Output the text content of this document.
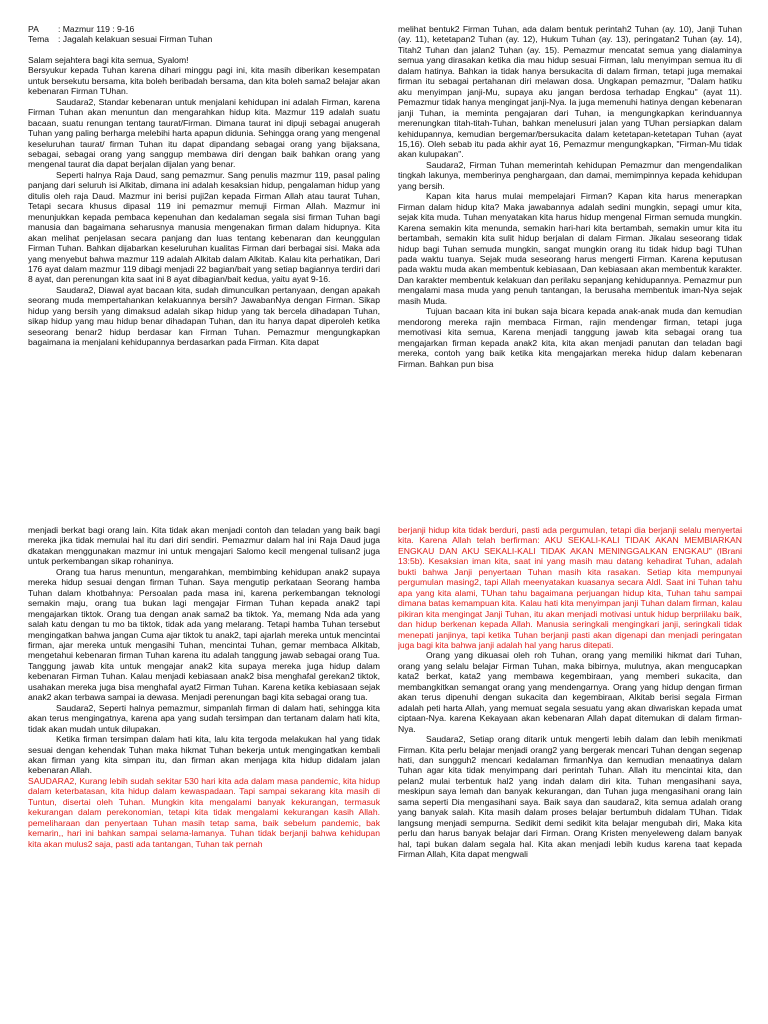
PA	: Mazmur 119 : 9-16
Tema	: Jagalah kelakuan sesuai Firman Tuhan

Salam sejahtera bagi kita semua, Syalom!

Bersyukur kepada Tuhan karena dihari minggu pagi ini, kita masih diberikan kesempatan untuk bersekutu bersama, kita boleh beribadah bersama, dan kita boleh sama2 belajar akan kebenaran Firman TUhan.

Saudara2, Standar kebenaran untuk menjalani kehidupan ini adalah Firman, karena Firman Tuhan akan menuntun dan mengarahkan hidup kita. Mazmur 119 adalah suatu bacaan, suatu renungan tentang taurat/Firman. Dimana taurat ini dipuji sebagai anugerah Tuhan yang paling berharga melebihi harta apapun didunia. Sehingga orang yang mengenal keseluruhan taurat/ firman Tuhan itu dapat dipandang sebagai orang yang bijaksana, sebagai, sebagai orang yang sanggup membawa diri dengan baik bahkan orang yang mengenal taurat dia dapat berjalan dijalan yang benar.

Seperti halnya Raja Daud, sang pemazmur. Sang penulis mazmur 119, pasal paling panjang dari seluruh isi Alkitab, dimana ini adalah kesaksian hidup, pengalaman hidup yang ditulis oleh raja Daud. Mazmur ini berisi puji2an kepada Firman Allah atau taurat Tuhan, Tetapi secara khusus dipasal 119 ini pemazmur memuji Firman Allah. Mazmur ini menunjukkan kepada pembaca kepenuhan dan kedalaman segala sisi firman Tuhan bagi manusia dan bagaimana seharusnya manusia mengenakan firman dalam hidupnya. Kita akan melihat penjelasan secara panjang dan luas tentang kebenaran dan keunggulan Firman Tuhan. Bahkan dijabarkan keseluruhan kualitas Firman dari berbagai sisi. Maka ada yang menyebut bahwa mazmur 119 adalah Alkitab dalam Alkitab. Kalau kita perhatikan, Dari 176 ayat dalam mazmur 119 dibagi menjadi 22 bagian/bait yang setiap bagiannya terdiri dari 8 ayat, dan perenungan kita saat ini 8 ayat dibagian/bait kedua, yaitu ayat 9-16.

Saudara2, Diawal ayat bacaan kita, sudah dimunculkan pertanyaan, dengan apakah seorang muda mempertahankan kelakuannya bersih? JawabanNya dengan Firman. Sikap hidup yang bersih yang dimaksud adalah sikap hidup yang tak bercela dihadapan Tuhan, sikap hidup yang mau hidup benar dihadapan Tuhan, dan itu hanya dapat diperoleh ketika seseorang benar2 hidup berdasar kan Firman Tuhan. Pemazmur mengungkapkan bagaimana ia menjalani kehidupannya berdasarkan pada Firman. Kita dapat

melihat bentuk2 Firman Tuhan, ada dalam bentuk perintah2 Tuhan (ay. 10), Janji Tuhan (ay. 11), ketetapan2 Tuhan (ay. 12), Hukum Tuhan (ay. 13), peringatan2 Tuhan (ay. 14), Titah2 Tuhan dan jalan2 Tuhan (ay. 15). Pemazmur mencatat semua yang dialaminya semua yang dirasakan ketika dia mau hidup sesuai Firman, lalu menyimpan semua itu di dalam hatinya. Bahkan ia tidak hanya bersukacita di dalam firman, tetapi juga memakai firman itu sebagai pertahanan diri melawan dosa. Ungkapan pemazmur, "Dalam hatiku aku menyimpan janji-Mu, supaya aku jangan berdosa terhadap Engkau" (ayat 11). Pemazmur tidak hanya mengingat janji-Nya. Ia juga memenuhi hatinya dengan kebenaran janji Tuhan, ia meminta pengajaran dari Tuhan, ia mengungkapkan kerinduannya merenungkan titah-titah-Tuhan, bahkan menelusuri jalan yang TUhan persiapkan dalam kehidupannya, kemudian bergemar/bersukacita dalam ketetapan-ketetapan Tuhan (ayat 15,16). Oleh sebab itu pada akhir ayat 16, Pemazmur mengungkapkan, "Firman-Mu tidak akan kulupakan".

Saudara2, Firman Tuhan memerintah kehidupan Pemazmur dan mengendalikan tingkah lakunya, memberinya penghargaan, dan damai, memimpinnya kepada kehidupan yang bersih.

Kapan kita harus mulai mempelajari Firman? Kapan kita harus menerapkan Firman dalam hidup kita? Maka jawabannya adalah sedini mungkin, sepagi umur kita, sejak kita muda. Tuhan menyatakan kita harus hidup mengenal Firman semuda mungkin. Karena semakin kita menunda, semakin hari-hari kita bertambah, semakin umur kita itu bertambah, semakin kita sulit hidup berjalan di dalam Firman. Jikalau seseorang tidak hidup bagi Tuhan semuda mungkin, sangat mungkin orang itu tidak hidup bagi TUhan pada waktu tuanya. Sejak muda seseorang harus mengerti Firman. Karena keputusan pada waktu muda akan membentuk kebiasaan, Dan kebiasaan akan membentuk karakter. Dan karakter membentuk kelakuan dan perilaku sepanjang kehidupannya. Pemazmur pun mengalami masa muda yang penuh tantangan, Ia berusaha membentuk iman-Nya sejak masih Muda.

Tujuan bacaan kita ini bukan saja bicara kepada anak-anak muda dan kemudian mendorong mereka rajin membaca Firman, rajin mendengar firman, tetapi juga memotivasi kita semua, Karena menjadi tanggung jawab kita sebagai orang tua mengajarkan firman kepada anak2 kita, kita akan menjadi panutan dan teladan bagi mereka, contoh yang baik ketika kita mengajarkan mereka hidup dalam kebenaran Firman. Bahkan pun bisa

menjadi berkat bagi orang lain. Kita tidak akan menjadi contoh dan teladan yang baik bagi mereka jika tidak memulai hal itu dari diri sendiri. Pemazmur dalam hal ini Raja Daud juga dkatakan menggunakan mazmur ini untuk mengajari Salomo kecil mengenal tulisan2 juga untuk perkembangan sikap rohaninya.

Orang tua harus menuntun, mengarahkan, membimbing kehidupan anak2 supaya mereka hidup sesuai dengan firman Tuhan. Saya mengutip perkataan Seorang hamba Tuhan dalam khotbahnya: Persoalan pada masa ini, karena perkembangan teknologi semakin maju, orang tua bukan lagi mengajar Firman Tuhan kepada anak2 tapi mengajarkan tiktok. Orang tua dengan anak sama2 ba tiktok. Ya, memang Nda ada yang salah katu dengan tu mo ba tiktok, tidak ada yang melarang. Tetapi hamba Tuhan tersebut mengingatkan bahwa jangan Cuma ajar tiktok tu anak2, tapi ajarlah mereka untuk mencintai firman, ajar mereka untuk mengasihi Tuhan, mencintai Tuhan, gemar membaca Alkitab, mengetahui kebenaran firman Tuhan karena itu adalah tanggung jawab sebagai orang Tua. Tanggung jawab kita untuk mengajar anak2 kita supaya mereka juga hidup dalam kebenaran Firman Tuhan. Kalau menjadi kebiasaan anak2 bisa menghafal gerekan2 tiktok, usahakan mereka juga bisa menghafal ayat2 Firman Tuhan. Karena ketika kebiasaan sejak anak2 akan terbawa sampai ia dewasa. Menjadi perenungan bagi kita sebagai orang tua.

Saudara2, Seperti halnya pemazmur, simpanlah firman di dalam hati, sehingga kita akan terus mengingatnya, karena apa yang sudah tersimpan dan tertanam dalam hati kita, tidak akan mudah untuk dilupakan.

Ketika firman tersimpan dalam hati kita, lalu kita tergoda melakukan hal yang tidak sesuai dengan kehendak Tuhan maka hikmat Tuhan bekerja untuk mengingatkan kembali akan firman yang kita simpan itu, dan firman akan menjaga kita hidup didalam jalan kebenaran Allah.

SAUDARA2, Kurang lebih sudah sekitar 530 hari kita ada dalam masa pandemic, kita hidup dalam keterbatasan, kita hidup dalam kewaspadaan. Tapi sampai sekarang kita masih di Tuntun, disertai oleh Tuhan. Mungkin kita mengalami banyak kekurangan, termasuk kekurangan dalam perekonomian, tetapi kita tidak mengalami kekurangan kasih Allah. pemeliharaan dan penyertaan Tuhan masih tetap sama, baik sebelum pandemic, bak kemarin,, hari ini bahkan sampai selama-lamanya. Tuhan tidak berjanji bahwa kehidupan kita akan mulus2 saja, pasti ada tantangan, Tuhan tak pernah

berjanji hidup kita tidak berduri, pasti ada pergumulan, tetapi dia berjanji selalu menyertai kita. Karena Allah telah berfirman: AKU SEKALI-KALI TIDAK AKAN MEMBIARKAN ENGKAU DAN AKU SEKALI-KALI TIDAK AKAN MENINGGALKAN ENGKAU" (IBrani 13:5b). Kesaksian iman kita, saat ini yang masih mau datang kehadirat Tuhan, adalah bukti bahwa Janji penyertaan Tuhan masih kita rasakan. Setiap kita mempunyai pergumulan masing2, tapi Allah meenyatakan kuasanya secara Aldl. Saat ini Tuhan tahu apa yang kita alami, TUhan tahu bagaimana perjuangan hidup kita, Tuhan tahu sampai dimana batas kemampuan kita. Kalau hati kita menyimpan janji Tuhan dalam firman, kalau pikiran kita mengingat Janji Tuhan, itu akan menjadi motivasi untuk hidup berpriilaku baik, dan hidup berkenan kepada Allah. Manusia seringkali mengingkari janji, seringkali tidak menepati janjinya, tapi ketika Tuhan berjanji pasti akan digenapi dan menjadi peringatan juga bagi kita bahwa janji adalah hal yang harus ditepati.

Orang yang dikuasai oleh roh Tuhan, orang yang memiliki hikmat dari Tuhan, orang yang selalu belajar Firman Tuhan, maka bibirnya, mulutnya, akan mengucapkan kata2 berkat, kata2 yang membawa kegembiraan, yang memberi sukacita, dan membangkitkan semangat orang yang mendengarnya. Orang yang hidup dengan firman akan terus dipenuhi dengan sukacita dan kegembiraan, Alkitab berisi segala Firman adalah peti harta Allah, yang memuat segala sesuatu yang akan diwariskan kepada umat ciptaan-Nya. karena Kekayaan akan kebenaran Allah dapat ditemukan di dalam firman-Nya.

Saudara2, Setiap orang ditarik untuk mengerti lebih dalam dan lebih menikmati Firman. Kita perlu belajar menjadi orang2 yang bergerak mencari Tuhan dengan segenap hati, dan sungguh2 mencari kedalaman firmanNya dan kemudian menaatinya dalam Tuhan agar kita tidak menyimpang dari perintah Tuhan. Allah itu mencintai kita, dan pelan2 mulai terbentuk hal2 yang indah dalam diri kita. Tuhan mengasihani saya, meskipun saya lemah dan banyak kekurangan, dan Tuhan juga mengasihani orang lain sama seperti Dia mengasihani saya. Baik saya dan saudara2, kita semua adalah orang yang banyak salah. Kita masih dalam proses belajar bertumbuh didalam TUhan. Tidak langsung menjadi sempurna. Sedikit demi sedikit kita belajar mengubah diri, Maka kita perlu dan harus banyak belajar dari Firman. Orang Kristen menyeleweng dalam banyak hal, tapi bukan dalam segala hal. Kita akan menjadi lebih kudus karena taat kepada Firman Allah, Kita dapat mengwali
